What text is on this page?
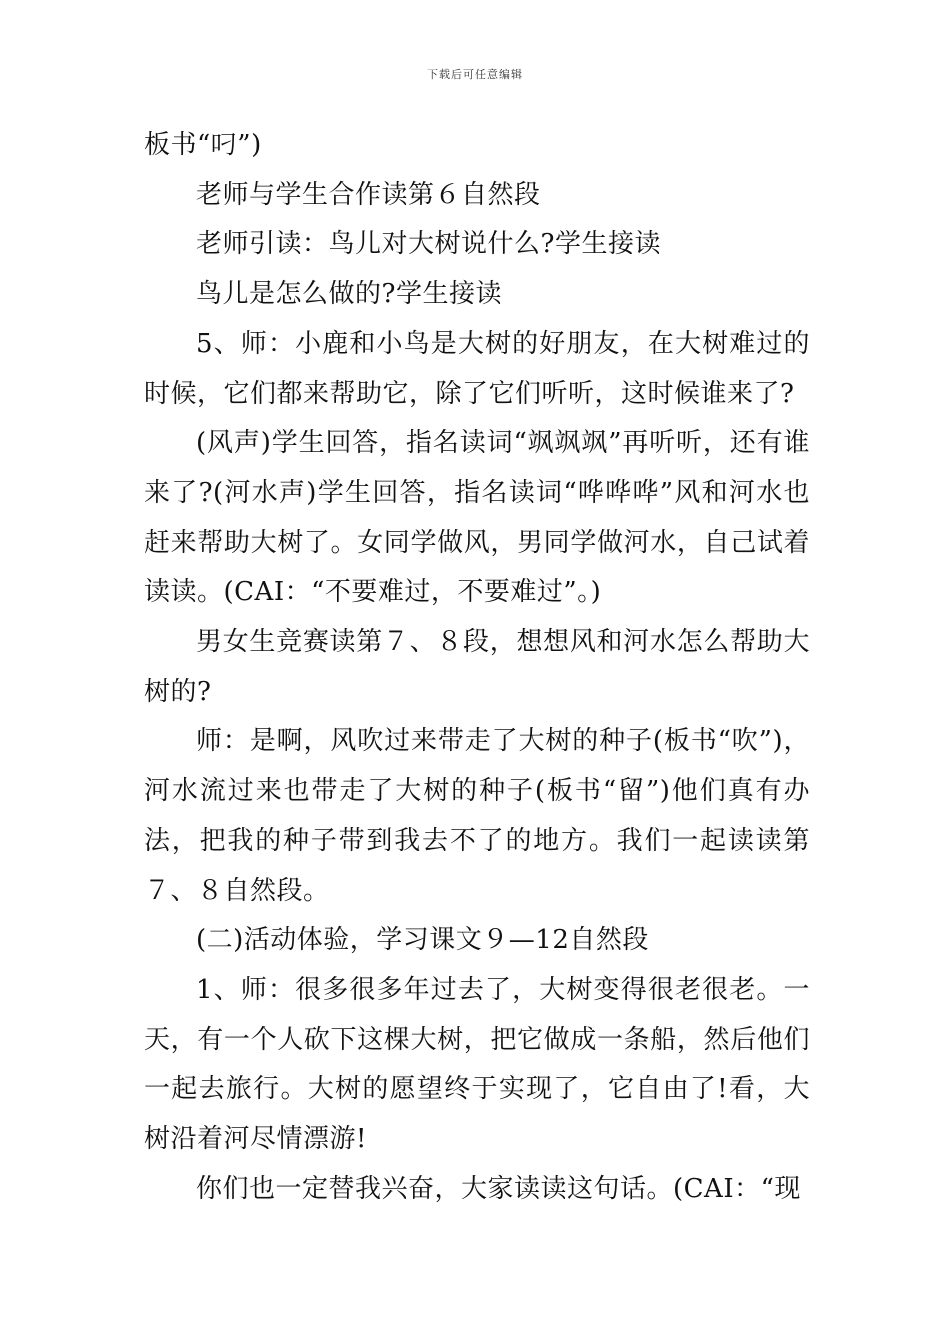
下载后可任意编辑

板书“叼”)

老师与学生合作读第６自然段

老师引读：鸟儿对大树说什么?学生接读

鸟儿是怎么做的?学生接读

5、师：小鹿和小鸟是大树的好朋友，在大树难过的时候，它们都来帮助它，除了它们听听，这时候谁来了?

(风声)学生回答，指名读词“飒飒飒”再听听，还有谁来了?(河水声)学生回答，指名读词“哗哗哗”风和河水也赶来帮助大树了。女同学做风，男同学做河水，自己试着读读。(CAI：“不要难过，不要难过”。)

男女生竞赛读第７、８段，想想风和河水怎么帮助大树的?

师：是啊，风吹过来带走了大树的种子(板书“吹”)，河水流过来也带走了大树的种子(板书“留”)他们真有办法，把我的种子带到我去不了的地方。我们一起读读第７、８自然段。

(二)活动体验，学习课文９—12自然段

1、师：很多很多年过去了，大树变得很老很老。一天，有一个人砍下这棵大树，把它做成一条船，然后他们一起去旅行。大树的愿望终于实现了，它自由了!看，大树沿着河尽情漂游!

你们也一定替我兴奋，大家读读这句话。(CAI：“现
